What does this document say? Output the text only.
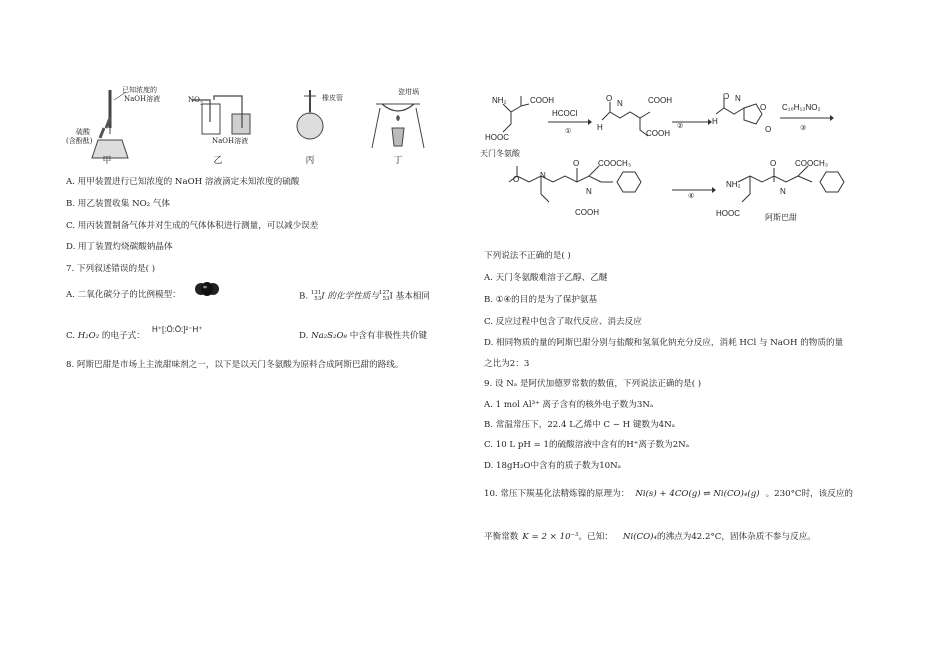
已知浓度的
NaOH溶液
硫酸
(含酚酞)
甲
$NO_2$
NaOH溶液
乙
橡皮管
丙
瓷坩埚
丁
A. 用甲装置进行已知浓度的 NaOH 溶液滴定未知浓度的硫酸
B. 用乙装置收集 NO₂ 气体
C. 用丙装置制备气体并对生成的气体体积进行测量，可以减少误差
D. 用丁装置灼烧碳酸钠晶体
7. 下列叙述错误的是( )
A. 二氧化碳分子的比例模型：	B. 131
53I 的化学性质与127
53I 基本相同
C. H₂O₂ 的电子式：
H⁺[:Ö:Ö:]²⁻H⁺
D. Na₂S₂O₈ 中含有非极性共价键
8. 阿斯巴甜是市场上主流甜味剂之一，以下是以天门冬氨酸为原料合成阿斯巴甜的路线。
NH₂	COOH
HOOC
天门冬氨酸
HCOCl
①	H
O
N	COOH
COOH
②	H
O N
O
O
C₁₀H₁₃NO₂
③
O	N
O
N
COOCH₃
COOH
④
NH₂
O
N
COOCH₃
HOOC	阿斯巴甜
下列说法不正确的是( )
A. 天门冬氨酸难溶于乙醇、乙醚
B. ①④的目的是为了保护氨基
C. 反应过程中包含了取代反应、消去反应
D. 相同物质的量的阿斯巴甜分别与盐酸和氢氧化钠充分反应，消耗 HCl 与 NaOH 的物质的量
之比为2：3
9. 设 Nₐ 是阿伏加德罗常数的数值，下列说法正确的是( )
A. 1 mol Al³⁺ 离子含有的核外电子数为3Nₐ
B. 常温常压下，22.4 L乙烯中 C − H 键数为4Nₐ
C. 10 L pH = 1的硫酸溶液中含有的H⁺离子数为2Nₐ
D. 18gH₂O中含有的质子数为10Nₐ
10. 常压下羰基化法精炼镍的原理为： Ni(s) + 4CO(g) ⇌ Ni(CO)₄(g) 。230°C时，该反应的
平衡常数 K = 2 × 10⁻⁵。已知： Ni(CO)₄的沸点为42.2°C，固体杂质不参与反应。
